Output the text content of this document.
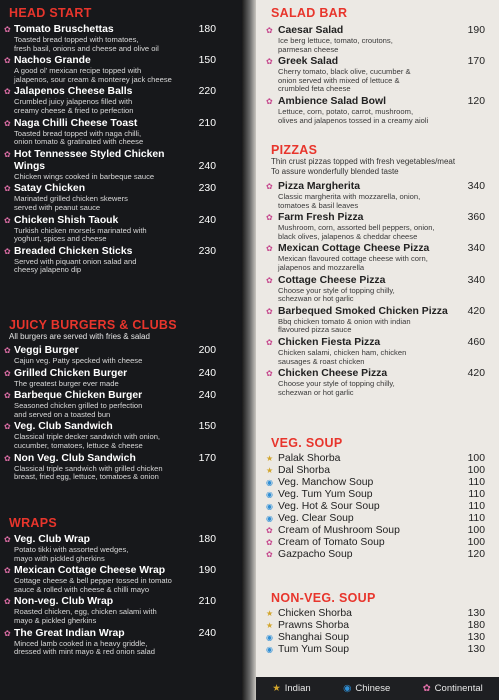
HEAD START
✿ Tomato Bruschettas	180
Toasted bread topped with tomatoes,
fresh basil, onions and cheese and olive oil
✿ Nachos Grande	150
A good ol' mexican recipe topped with
jalapenos, sour cream & monterey jack cheese
✿ Jalapenos Cheese Balls	220
Crumbled juicy jalapenos filled with
creamy cheese & fried to perfection
✿ Naga Chilli Cheese Toast	210
Toasted bread topped with naga chilli,
onion tomato & gratinated with cheese
✿ Hot Tennessee Styled Chicken
Wings	240
Chicken wings cooked in barbeque sauce
✿ Satay Chicken	230
Marinated grilled chicken skewers
served with peanut sauce
✿ Chicken Shish Taouk	240
Turkish chicken morsels marinated with
yoghurt, spices and cheese
✿ Breaded Chicken Sticks	230
Served with piquant onion salad and
cheesy jalapeno dip
JUICY BURGERS & CLUBS
All burgers are served with fries & salad
✿ Veggi Burger	200
Cajun veg. Patty specked with cheese
✿ Grilled Chicken Burger	240
The greatest burger ever made
✿ Barbeque Chicken Burger	240
Seasoned chicken grilled to perfection
and served on a toasted bun
✿ Veg. Club Sandwich	150
Classical triple decker sandwich with onion,
cucumber, tomatoes, lettuce & cheese
✿ Non Veg. Club Sandwich	170
Classical triple sandwich with grilled chicken
breast, fried egg, lettuce, tomatoes & onion
WRAPS
✿ Veg. Club Wrap	180
Potato tikki with assorted wedges,
mayo with pickled gherkins
✿ Mexican Cottage Cheese Wrap	190
Cottage cheese & bell pepper tossed in tomato
sauce & rolled with cheese & chilli mayo
✿ Non-veg. Club Wrap	210
Roasted chicken, egg, chicken salami with
mayo & pickled gherkins
✿ The Great Indian Wrap	240
Minced lamb cooked in a heavy griddle,
dressed with mint mayo & red onion salad
SALAD BAR
✿ Caesar Salad	190
Ice berg lettuce, tomato, croutons,
parmesan cheese
✿ Greek Salad	170
Cherry tomato, black olive, cucumber &
onion served with mixed of lettuce &
crumbled feta cheese
✿ Ambience Salad Bowl	120
Lettuce, corn, potato, carrot, mushroom,
olives and jalapenos tossed in a creamy aioli
PIZZAS
Thin crust pizzas topped with fresh vegetables/meat
To assure wonderfully blended taste
✿ Pizza Margherita	340
Classic margherita with mozzarella, onion,
tomatoes & basil leaves
✿ Farm Fresh Pizza	360
Mushroom, corn, assorted bell peppers, onion,
black olives, jalapenos & cheddar cheese
✿ Mexican Cottage Cheese Pizza	340
Mexican flavoured cottage cheese with corn,
jalapenos and mozzarella
✿ Cottage Cheese Pizza	340
Choose your style of topping chilly,
schezwan or hot garlic
✿ Barbequed Smoked Chicken Pizza 420
Bbq chicken tomato & onion with indian
flavoured pizza sauce
✿ Chicken Fiesta Pizza	460
Chicken salami, chicken ham, chicken
sausages & roast chicken
✿ Chicken Cheese Pizza	420
Choose your style of topping chilly,
schezwan or hot garlic
VEG. SOUP
★ Palak Shorba	100
★ Dal Shorba	100
◉ Veg. Manchow Soup	110
◉ Veg. Tum Yum Soup	110
◉ Veg. Hot & Sour Soup	110
◉ Veg. Clear Soup	110
✿ Cream of Mushroom Soup	100
✿ Cream of Tomato Soup	100
✿ Gazpacho Soup	120
NON-VEG. SOUP
★ Chicken Shorba	130
★ Prawns Shorba	180
◉ Shanghai Soup	130
◉ Tum Yum Soup	130
★ Indian	◉ Chinese	✿ Continental
